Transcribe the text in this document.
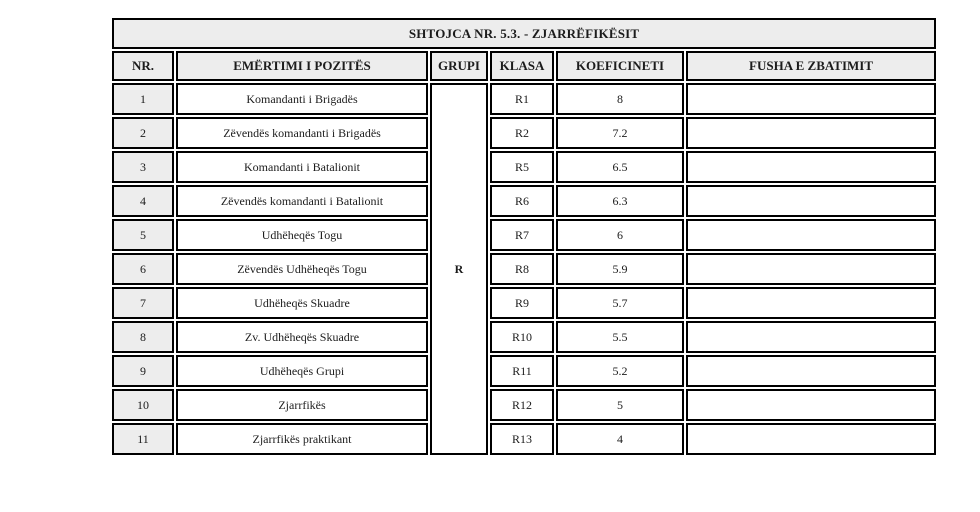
SHTOJCA NR. 5.3. - ZJARRËFIKËSIT					
NR.	EMËRTIMI I POZITËS	GRUPI	KLASA	KOEFICINETI	FUSHA E ZBATIMIT
1	Komandanti i Brigadës	R	R1	8	
2	Zëvendës komandanti i Brigadës		R2	7.2	
3	Komandanti i Batalionit		R5	6.5	
4	Zëvendës komandanti i Batalionit		R6	6.3	
5	Udhëheqës Togu		R7	6	
6	Zëvendës Udhëheqës Togu		R8	5.9	
7	Udhëheqës Skuadre		R9	5.7	
8	Zv. Udhëheqës Skuadre		R10	5.5	
9	Udhëheqës Grupi		R11	5.2	
10	Zjarrfikës		R12	5	
11	Zjarrfikës praktikant		R13	4	
